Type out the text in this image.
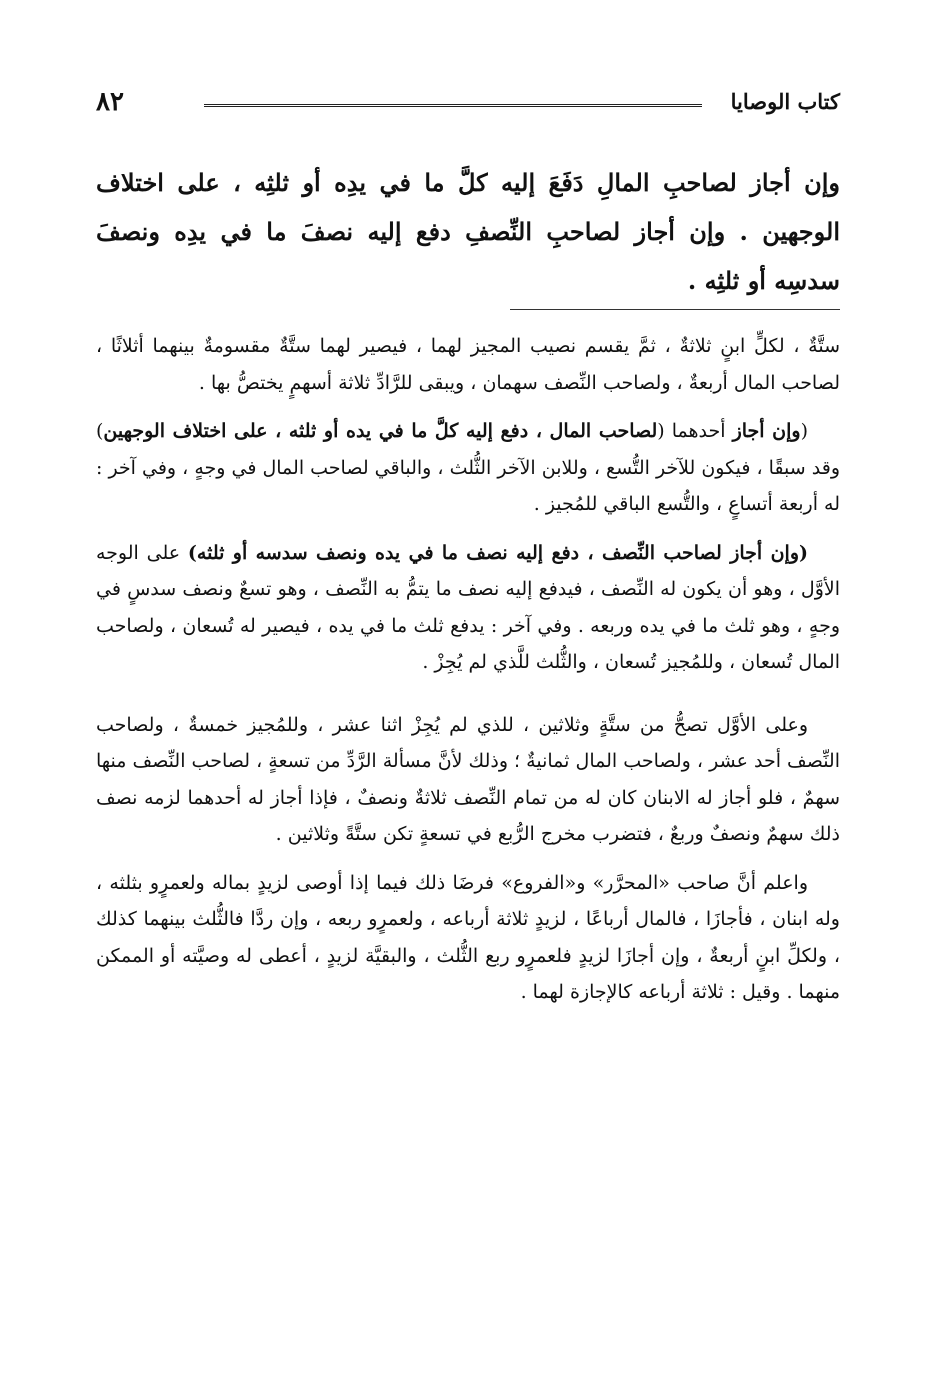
٨٢	كتاب الوصايا
وإن أجاز لصاحبِ المالِ دَفَعَ إليه كلَّ ما في يدِه أو ثلثِه ، على اختلاف الوجهين . وإن أجاز لصاحبِ النِّصفِ دفع إليه نصفَ ما في يدِه ونصفَ سدسِه أو ثلثِه .

ستَّةٌ ، لكلٍّ ابنٍ ثلاثةٌ ، ثمَّ يقسم نصيب المجيز لهما ، فيصير لهما ستَّةٌ مقسومةٌ بينهما أثلاثًا ، لصاحب المال أربعةٌ ، ولصاحب النِّصف سهمان ، ويبقى للرَّادِّ ثلاثة أسهمٍ يختصُّ بها .

(وإن أجاز أحدهما (لصاحب المال ، دفع إليه كلَّ ما في يده أو ثلثه ، على اختلاف الوجهين) وقد سبقًا ، فيكون للآخر التُّسع ، وللابن الآخر الثُّلث ، والباقي لصاحب المال في وجهٍ ، وفي آخر : له أربعة أتساعٍ ، والتُّسع الباقي للمُجيز .

(وإن أجاز لصاحب النِّصف ، دفع إليه نصف ما في يده ونصف سدسه أو ثلثه) على الوجه الأوَّل ، وهو أن يكون له النِّصف ، فيدفع إليه نصف ما يتمُّ به النِّصف ، وهو تسعٌ ونصف سدسٍ في وجهٍ ، وهو ثلث ما في يده وربعه . وفي آخر : يدفع ثلث ما في يده ، فيصير له تُسعان ، ولصاحب المال تُسعان ، وللمُجيز تُسعان ، والثُّلث للَّذي لم يُجِزْ .

وعلى الأوَّل تصحُّ من ستَّةٍ وثلاثين ، للذي لم يُجِزْ اثنا عشر ، وللمُجيز خمسةٌ ، ولصاحب النِّصف أحد عشر ، ولصاحب المال ثمانيةٌ ؛ وذلك لأنَّ مسألة الرَّدِّ من تسعةٍ ، لصاحب النِّصف منها سهمٌ ، فلو أجاز له الابنان كان له من تمام النِّصف ثلاثةٌ ونصفٌ ، فإذا أجاز له أحدهما لزمه نصف ذلك سهمٌ ونصفٌ وربعٌ ، فتضرب مخرج الرُّبع في تسعةٍ تكن ستَّةً وثلاثين .

واعلم أنَّ صاحب «المحرَّر» و«الفروع» فرضَا ذلك فيما إذا أوصى لزيدٍ بماله ولعمرٍو بثلثه ، وله ابنان ، فأجازَا ، فالمال أرباعًا ، لزيدٍ ثلاثة أرباعه ، ولعمرٍو ربعه ، وإن ردَّا فالثُّلث بينهما كذلك ، ولكلِّ ابنٍ أربعةٌ ، وإن أجازَا لزيدٍ فلعمرٍو ربع الثُّلث ، والبقيَّة لزيدٍ ، أعطى له وصيَّته أو الممكن منهما . وقيل : ثلاثة أرباعه كالإجازة لهما .
